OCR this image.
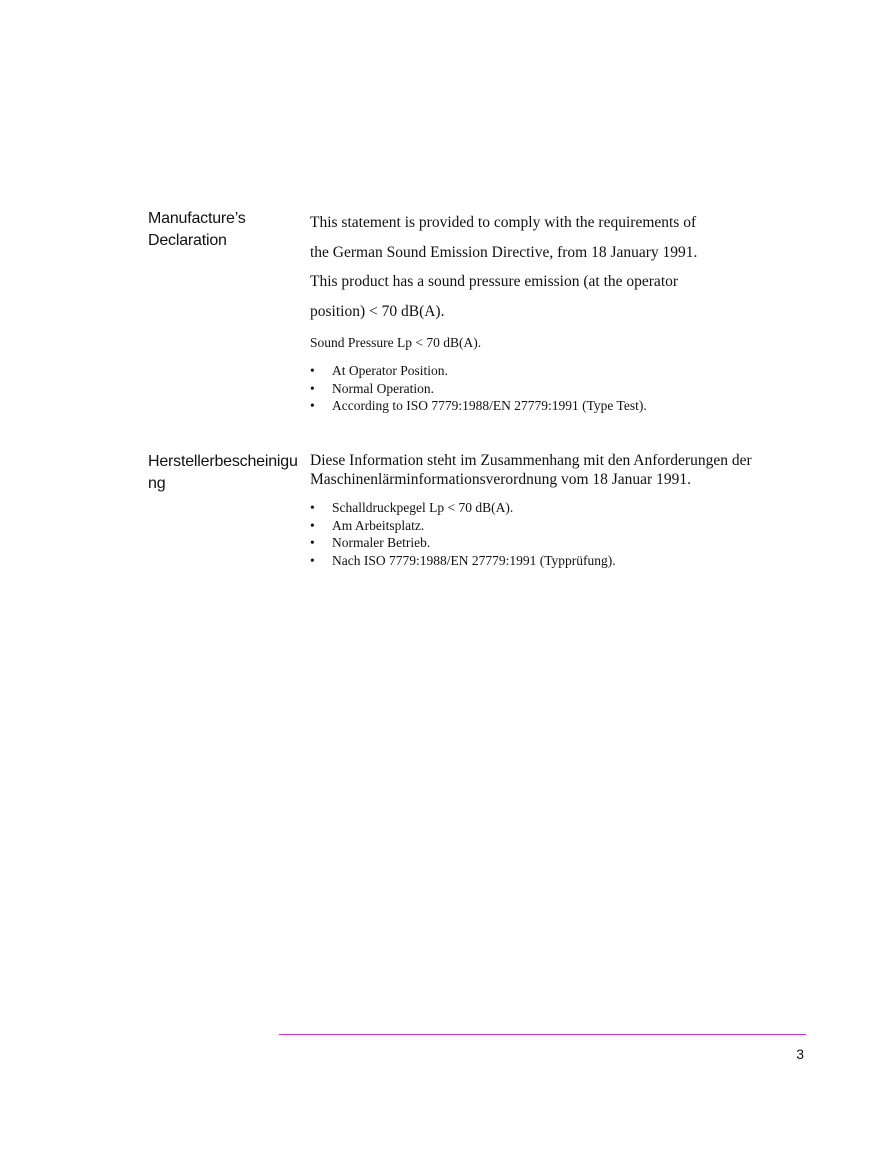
Manufacture’s
Declaration

This statement is provided to comply with the requirements of

the German Sound Emission Directive, from 18 January 1991.

This product has a sound pressure emission (at the operator

position) < 70 dB(A).

Sound Pressure Lp < 70 dB(A).

• At Operator Position.
• Normal Operation.
• According to ISO 7779:1988/EN 27779:1991 (Type Test).
Herstellerbescheinigu
ng

Diese Information steht im Zusammenhang mit den Anforderungen der

Maschinenlärminformationsverordnung vom 18 Januar 1991.

• Schalldruckpegel Lp < 70 dB(A).
• Am Arbeitsplatz.
• Normaler Betrieb.
• Nach ISO 7779:1988/EN 27779:1991 (Typprüfung).
3
